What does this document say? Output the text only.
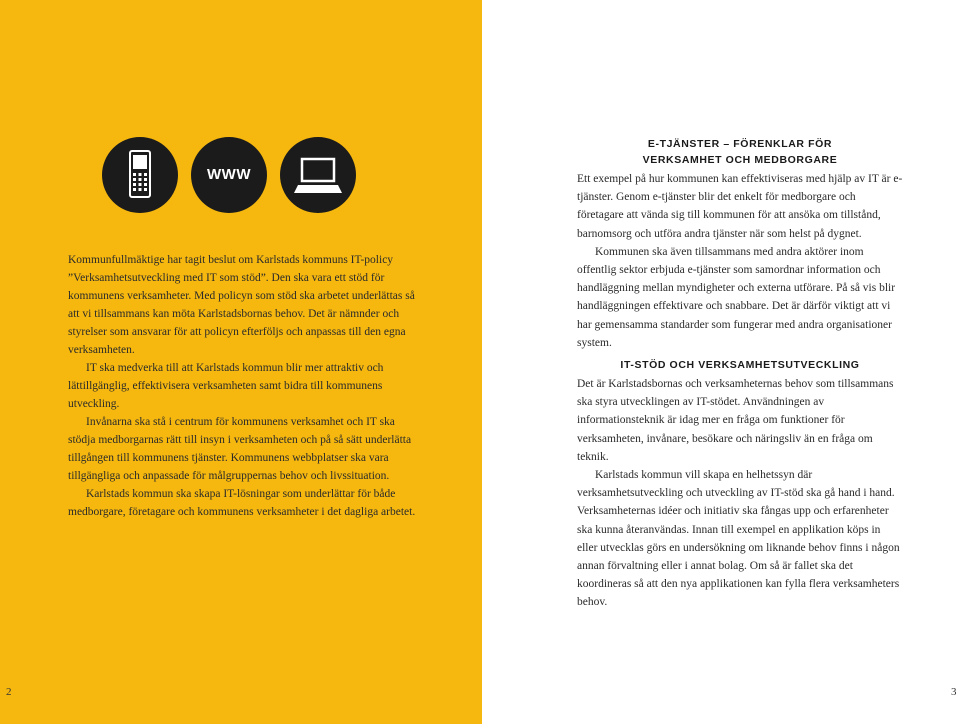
WWW

Kommunfullmäktige har tagit beslut om Karlstads kommuns IT-policy ”Verksamhetsutveckling med IT som stöd”. Den ska vara ett stöd för kommunens verksamheter. Med policyn som stöd ska arbetet underlättas så att vi tillsammans kan möta Karlstadsbornas behov. Det är nämnder och styrelser som ansvarar för att policyn efterföljs och anpassas till den egna verksamheten.

IT ska medverka till att Karlstads kommun blir mer attraktiv och lättillgänglig, effektivisera verksamheten samt bidra till kommunens utveckling.

Invånarna ska stå i centrum för kommunens verksamhet och IT ska stödja medborgarnas rätt till insyn i verksamheten och på så sätt underlätta tillgången till kommunens tjänster. Kommunens webbplatser ska vara tillgängliga och anpassade för målgruppernas behov och livssituation.

Karlstads kommun ska skapa IT-lösningar som underlättar för både medborgare, företagare och kommunens verksamheter i det dagliga arbetet.

2	3
E-TJÄNSTER – FÖRENKLAR FÖR
VERKSAMHET OCH MEDBORGARE

Ett exempel på hur kommunen kan effektiviseras med hjälp av IT är e-tjänster. Genom e-tjänster blir det enkelt för medborgare och företagare att vända sig till kommunen för att ansöka om tillstånd, barnomsorg och utföra andra tjänster när som helst på dygnet.

Kommunen ska även tillsammans med andra aktörer inom offentlig sektor erbjuda e-tjänster som samordnar information och handläggning mellan myndigheter och externa utförare. På så vis blir handläggningen effektivare och snabbare. Det är därför viktigt att vi har gemensamma standarder som fungerar med andra organisationer system.

IT-STÖD OCH VERKSAMHETSUTVECKLING

Det är Karlstadsbornas och verksamheternas behov som tillsammans ska styra utvecklingen av IT-stödet. Användningen av informationsteknik är idag mer en fråga om funktioner för verksamheten, invånare, besökare och näringsliv än en fråga om teknik.

Karlstads kommun vill skapa en helhetssyn där verksamhetsutveckling och utveckling av IT-stöd ska gå hand i hand. Verksamheternas idéer och initiativ ska fångas upp och erfarenheter ska kunna återanvändas. Innan till exempel en applikation köps in eller utvecklas görs en undersökning om liknande behov finns i någon annan förvaltning eller i annat bolag. Om så är fallet ska det koordineras så att den nya applikationen kan fylla flera verksamheters behov.
